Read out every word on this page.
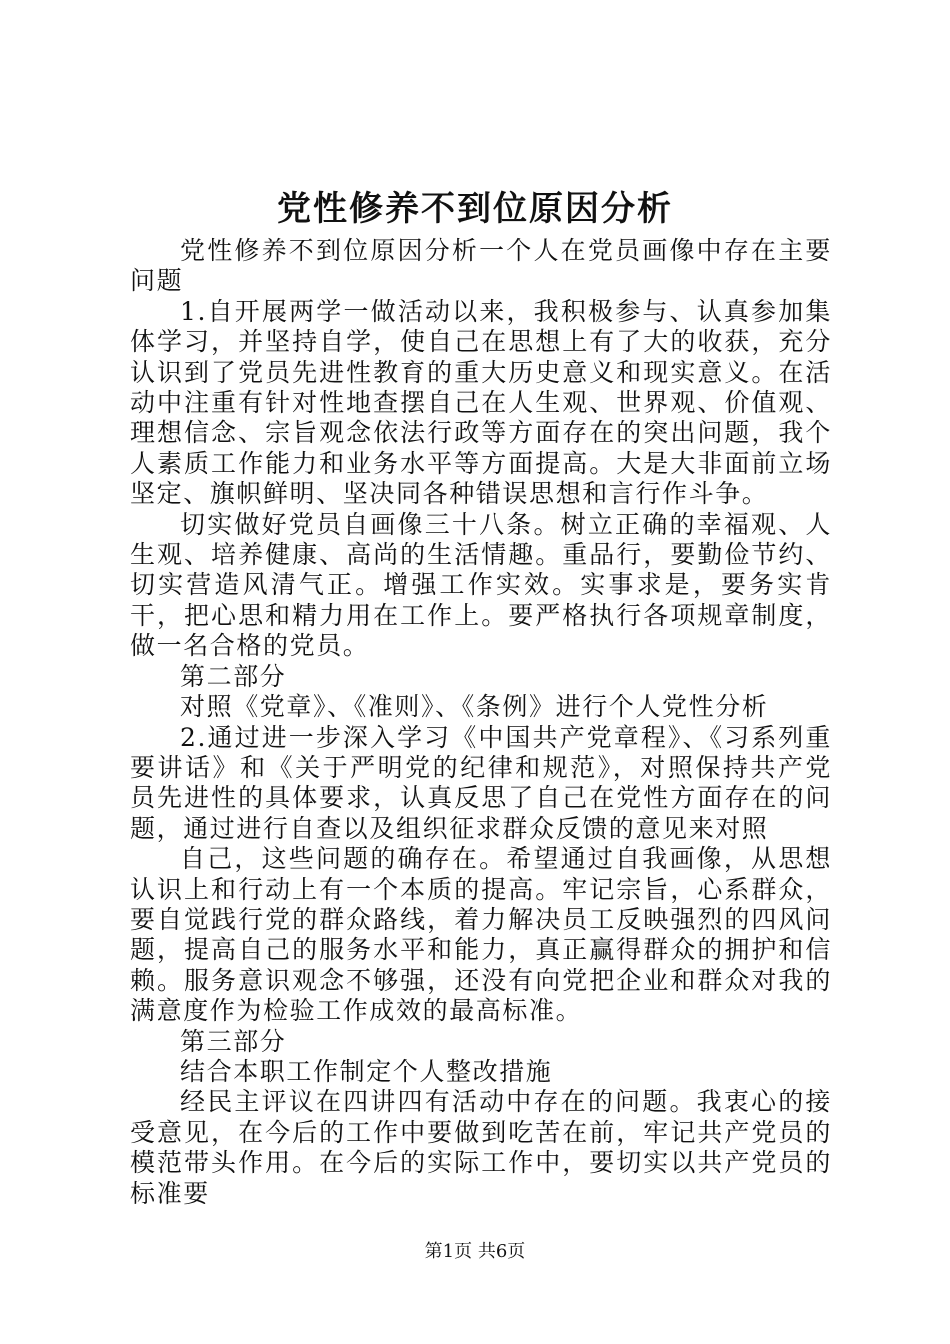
党性修养不到位原因分析

党性修养不到位原因分析一个人在党员画像中存在主要问题

1.自开展两学一做活动以来，我积极参与、认真参加集体学习，并坚持自学，使自己在思想上有了大的收获，充分认识到了党员先进性教育的重大历史意义和现实意义。在活动中注重有针对性地查摆自己在人生观、世界观、价值观、理想信念、宗旨观念依法行政等方面存在的突出问题，我个人素质工作能力和业务水平等方面提高。大是大非面前立场坚定、旗帜鲜明、坚决同各种错误思想和言行作斗争。

切实做好党员自画像三十八条。树立正确的幸福观、人生观、培养健康、高尚的生活情趣。重品行，要勤俭节约、切实营造风清气正。增强工作实效。实事求是，要务实肯干，把心思和精力用在工作上。要严格执行各项规章制度，做一名合格的党员。

第二部分

对照《党章》、《准则》、《条例》进行个人党性分析

2.通过进一步深入学习《中国共产党章程》、《习系列重要讲话》和《关于严明党的纪律和规范》，对照保持共产党员先进性的具体要求，认真反思了自己在党性方面存在的问题，通过进行自查以及组织征求群众反馈的意见来对照

自己，这些问题的确存在。希望通过自我画像，从思想认识上和行动上有一个本质的提高。牢记宗旨，心系群众，要自觉践行党的群众路线，着力解决员工反映强烈的四风问题，提高自己的服务水平和能力，真正赢得群众的拥护和信赖。服务意识观念不够强，还没有向党把企业和群众对我的满意度作为检验工作成效的最高标准。

第三部分

结合本职工作制定个人整改措施

经民主评议在四讲四有活动中存在的问题。我衷心的接受意见，在今后的工作中要做到吃苦在前，牢记共产党员的模范带头作用。在今后的实际工作中，要切实以共产党员的标准要

第1页 共6页
